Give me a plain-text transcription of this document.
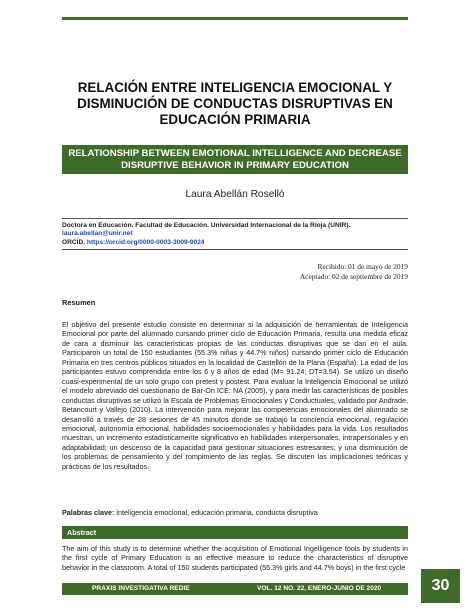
RELACIÓN ENTRE INTELIGENCIA EMOCIONAL Y
DISMINUCIÓN DE CONDUCTAS DISRUPTIVAS EN
EDUCACIÓN PRIMARIA
RELATIONSHIP BETWEEN EMOTIONAL INTELLIGENCE AND DECREASE
DISRUPTIVE BEHAVIOR IN PRIMARY EDUCATION
Laura Abellán Roselló
Doctora en Educación. Facultad de Educación. Universidad Internacional de la Rioja (UNIR). laura.abellan@unir.net
ORCID. https://orcid.org/0000-0003-3009-9024
Recibido: 01 de mayo de 2019
Aceptado: 02 de septiembre de 2019
Resumen

El objetivo del presente estudio consiste en determinar si la adquisición de herramientas de Inteligencia Emocional por parte del alumnado cursando primer ciclo de Educación Primaria, resulta una medida eficaz de cara a disminuir las características propias de las conductas disruptivas que se dan en el aula. Participaron un total de 150 estudiantes (55.3% niñas y 44.7% niños) cursando primer ciclo de Educación Primaria en tres centros públicos situados en la localidad de Castellón de la Plana (España). La edad de los participantes estuvo comprendida entre los 6 y 8 años de edad (M= 91.24; DT=3.54). Se utilizó un diseño cuasi-experimental de un solo grupo con pretest y postest. Para evaluar la Inteligencia Emocional se utilizó el modelo abreviado del cuestionario de Bar-On ICE: NA (2005), y para medir las características de posibles conductas disruptivas se utilizó la Escala de Problemas Emocionales y Conductuales, validado por Andrade, Betancourt y Vallejo (2010). La intervención para mejorar las competencias emocionales del alumnado se desarrolló a través de 28 sesiones de 45 minutos donde se trabajó la conciencia emocional, regulación emocional, autonomía emocional, habilidades socioemocionales y habilidades para la vida. Los resultados muestran, un incremento estadísticamente significativo en habilidades interpersonales, intrapersonales y en adaptabilidad; un descenso de la capacidad para gestionar situaciones estresantes; y una disminución de los problemas de pensamiento y del rompimiento de las reglas. Se discuten las implicaciones teóricas y prácticas de los resultados.

Palabras clave: inteligencia emocional, educación primaria, conducta disruptiva
Abstract

The aim of this study is to determine whether the acquisition of Emotional Ingelligence tools by students in the first cycle of Primary Education is an effective measure to reduce the characteristics of disruptive behavior in the classroom. A total of 150 students participated (55.3% girls and 44.7% boys) in the first cycle

PRAXIS INVESTIGATIVA REDIE	VOL. 12 NO. 22, ENERO-JUNIO DE 2020	30
